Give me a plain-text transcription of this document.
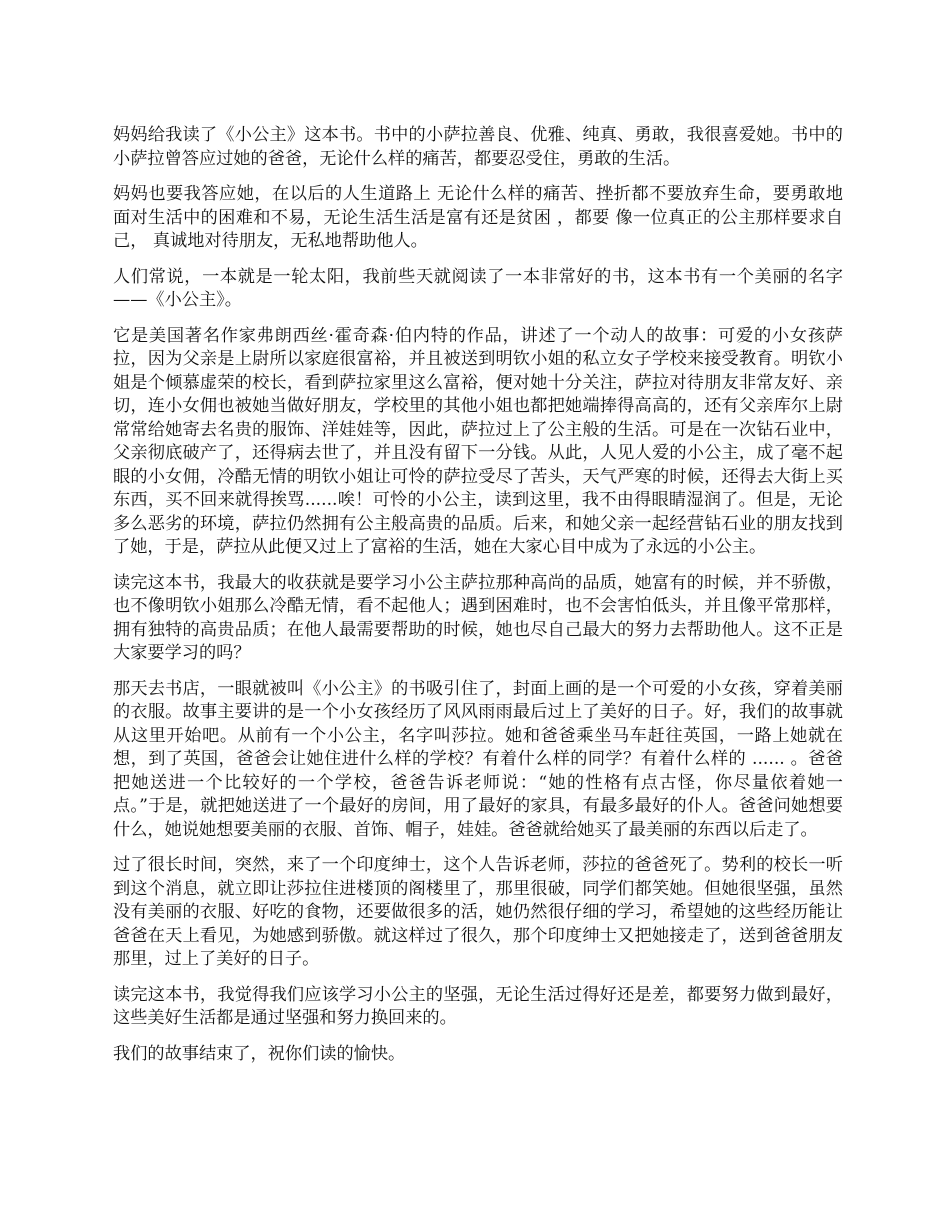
妈妈给我读了《小公主》这本书。书中的小萨拉善良、优雅、纯真、勇敢，我很喜爱她。书中的小萨拉曾答应过她的爸爸，无论什么样的痛苦，都要忍受住，勇敢的生活。

妈妈也要我答应她，在以后的人生道路上 无论什么样的痛苦、挫折都不要放弃生命，要勇敢地 面对生活中的困难和不易，无论生活生活是富有还是贫困 ，都要 像一位真正的公主那样要求自己， 真诚地对待朋友，无私地帮助他人。

人们常说，一本就是一轮太阳，我前些天就阅读了一本非常好的书，这本书有一个美丽的名字——《小公主》。

它是美国著名作家弗朗西丝·霍奇森·伯内特的作品，讲述了一个动人的故事：可爱的小女孩萨拉，因为父亲是上尉所以家庭很富裕，并且被送到明钦小姐的私立女子学校来接受教育。明钦小姐是个倾慕虚荣的校长，看到萨拉家里这么富裕，便对她十分关注，萨拉对待朋友非常友好、亲切，连小女佣也被她当做好朋友，学校里的其他小姐也都把她端捧得高高的，还有父亲库尔上尉常常给她寄去名贵的服饰、洋娃娃等，因此，萨拉过上了公主般的生活。可是在一次钻石业中，父亲彻底破产了，还得病去世了，并且没有留下一分钱。从此，人见人爱的小公主，成了毫不起眼的小女佣，冷酷无情的明钦小姐让可怜的萨拉受尽了苦头，天气严寒的时候，还得去大街上买东西，买不回来就得挨骂......唉！可怜的小公主，读到这里，我不由得眼睛湿润了。但是，无论多么恶劣的环境，萨拉仍然拥有公主般高贵的品质。后来，和她父亲一起经营钻石业的朋友找到了她，于是，萨拉从此便又过上了富裕的生活，她在大家心目中成为了永远的小公主。

读完这本书，我最大的收获就是要学习小公主萨拉那种高尚的品质，她富有的时候，并不骄傲，也不像明钦小姐那么冷酷无情，看不起他人；遇到困难时，也不会害怕低头，并且像平常那样，拥有独特的高贵品质；在他人最需要帮助的时候，她也尽自己最大的努力去帮助他人。这不正是大家要学习的吗？

那天去书店，一眼就被叫《小公主》的书吸引住了，封面上画的是一个可爱的小女孩，穿着美丽的衣服。故事主要讲的是一个小女孩经历了风风雨雨最后过上了美好的日子。好，我们的故事就从这里开始吧。从前有一个小公主，名字叫莎拉。她和爸爸乘坐马车赶往英国，一路上她就在想，到了英国，爸爸会让她住进什么样的学校？有着什么样的同学？有着什么样的 ...... 。爸爸把她送进一个比较好的一个学校，爸爸告诉老师说：“她的性格有点古怪，你尽量依着她一点。”于是，就把她送进了一个最好的房间，用了最好的家具，有最多最好的仆人。爸爸问她想要什么，她说她想要美丽的衣服、首饰、帽子，娃娃。爸爸就给她买了最美丽的东西以后走了。

过了很长时间，突然，来了一个印度绅士，这个人告诉老师，莎拉的爸爸死了。势利的校长一听到这个消息，就立即让莎拉住进楼顶的阁楼里了，那里很破，同学们都笑她。但她很坚强，虽然没有美丽的衣服、好吃的食物，还要做很多的活，她仍然很仔细的学习，希望她的这些经历能让爸爸在天上看见，为她感到骄傲。就这样过了很久，那个印度绅士又把她接走了，送到爸爸朋友那里，过上了美好的日子。

读完这本书，我觉得我们应该学习小公主的坚强，无论生活过得好还是差，都要努力做到最好，这些美好生活都是通过坚强和努力换回来的。

我们的故事结束了，祝你们读的愉快。
